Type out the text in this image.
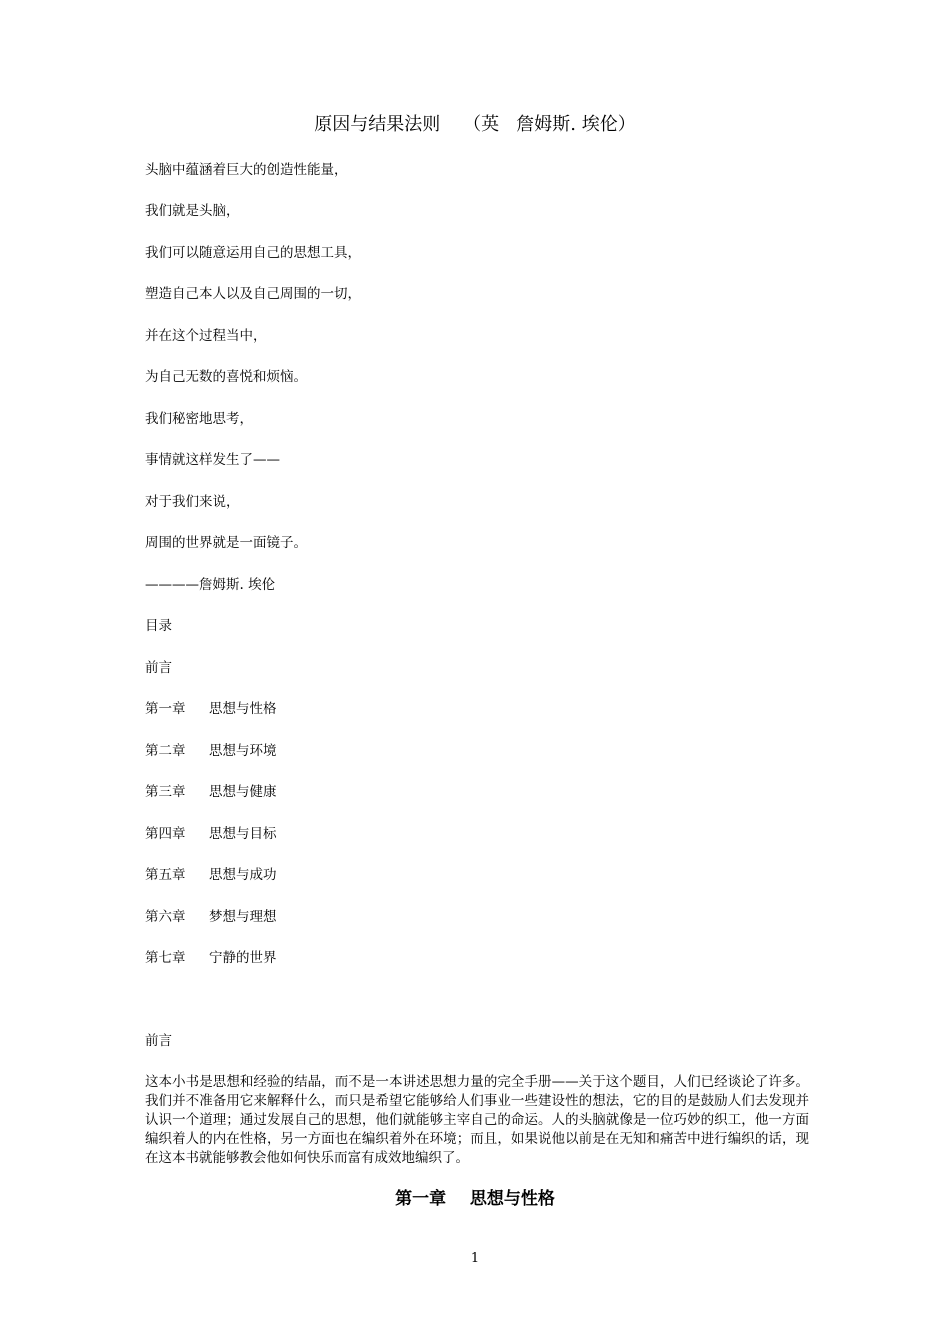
原因与结果法则    （英   詹姆斯. 埃伦）
头脑中蕴涵着巨大的创造性能量，
我们就是头脑，
我们可以随意运用自己的思想工具，
塑造自己本人以及自己周围的一切，
并在这个过程当中，
为自己无数的喜悦和烦恼。
我们秘密地思考，
事情就这样发生了——
对于我们来说，
周围的世界就是一面镜子。
————詹姆斯. 埃伦
目录
前言
第一章 思想与性格
第二章 思想与环境
第三章 思想与健康
第四章 思想与目标
第五章 思想与成功
第六章 梦想与理想
第七章 宁静的世界
前言
这本小书是思想和经验的结晶，而不是一本讲述思想力量的完全手册——关于这个题目，人们已经谈论了许多。我们并不准备用它来解释什么，而只是希望它能够给人们事业一些建设性的想法，它的目的是鼓励人们去发现并认识一个道理；通过发展自己的思想，他们就能够主宰自己的命运。人的头脑就像是一位巧妙的织工，他一方面编织着人的内在性格，另一方面也在编织着外在环境；而且，如果说他以前是在无知和痛苦中进行编织的话，现在这本书就能够教会他如何快乐而富有成效地编织了。
第一章    思想与性格
1
